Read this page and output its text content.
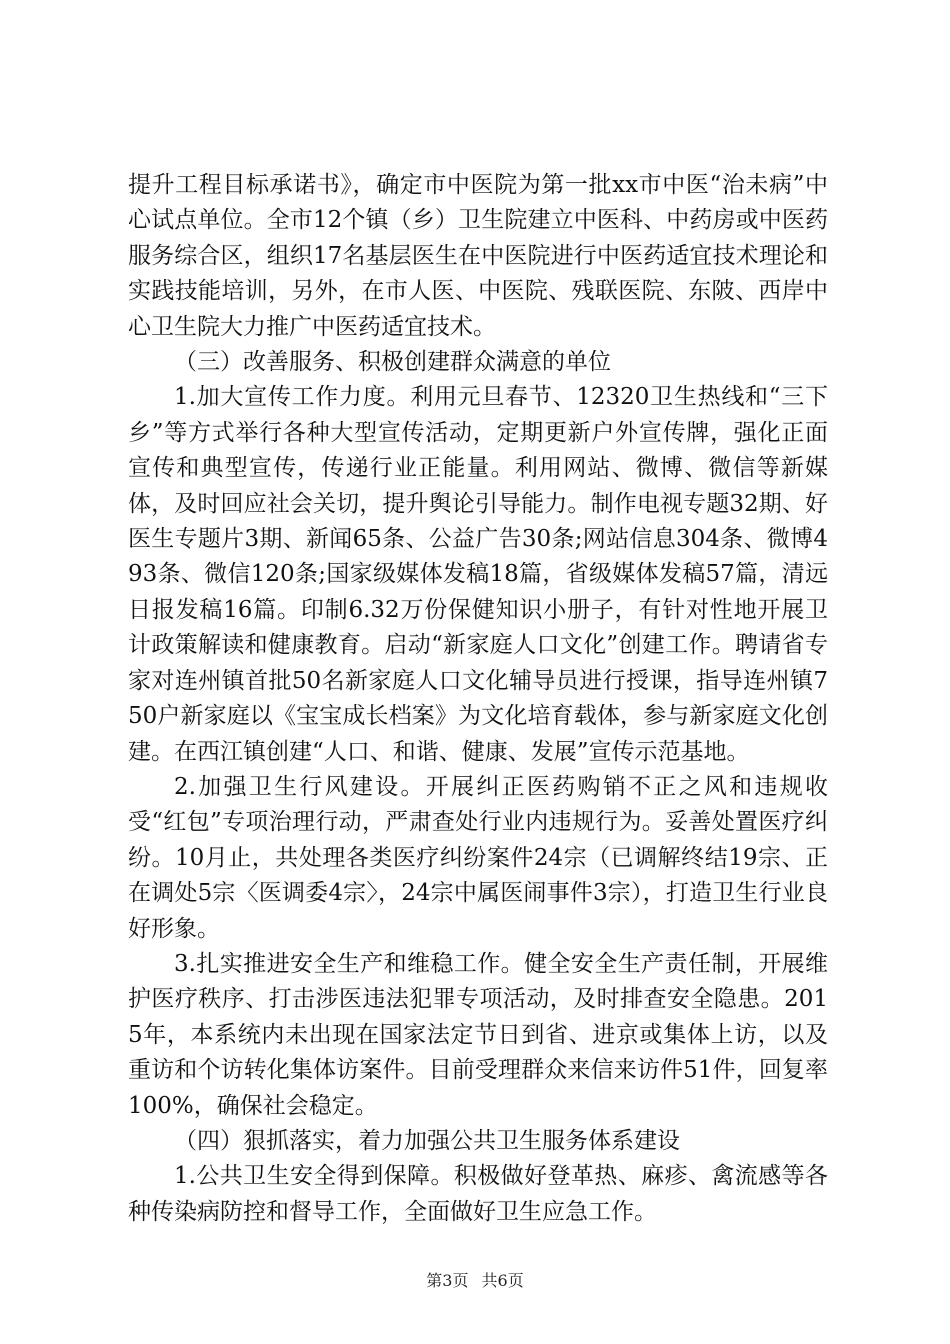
提升工程目标承诺书》，确定市中医院为第一批xx市中医“治未病”中心试点单位。全市12个镇（乡）卫生院建立中医科、中药房或中医药服务综合区，组织17名基层医生在中医院进行中医药适宜技术理论和实践技能培训，另外，在市人医、中医院、残联医院、东陂、西岸中心卫生院大力推广中医药适宜技术。

（三）改善服务、积极创建群众满意的单位

1.加大宣传工作力度。利用元旦春节、12320卫生热线和“三下乡”等方式举行各种大型宣传活动，定期更新户外宣传牌，强化正面宣传和典型宣传，传递行业正能量。利用网站、微博、微信等新媒体，及时回应社会关切，提升舆论引导能力。制作电视专题32期、好医生专题片3期、新闻65条、公益广告30条;网站信息304条、微博493条、微信120条;国家级媒体发稿18篇，省级媒体发稿57篇，清远日报发稿16篇。印制6.32万份保健知识小册子，有针对性地开展卫计政策解读和健康教育。启动“新家庭人口文化”创建工作。聘请省专家对连州镇首批50名新家庭人口文化辅导员进行授课，指导连州镇750户新家庭以《宝宝成长档案》为文化培育载体，参与新家庭文化创建。在西江镇创建“人口、和谐、健康、发展”宣传示范基地。

2.加强卫生行风建设。开展纠正医药购销不正之风和违规收受“红包”专项治理行动，严肃查处行业内违规行为。妥善处置医疗纠纷。10月止，共处理各类医疗纠纷案件24宗（已调解终结19宗、正在调处5宗〈医调委4宗〉，24宗中属医闹事件3宗），打造卫生行业良好形象。

3.扎实推进安全生产和维稳工作。健全安全生产责任制，开展维护医疗秩序、打击涉医违法犯罪专项活动，及时排查安全隐患。2015年，本系统内未出现在国家法定节日到省、进京或集体上访，以及重访和个访转化集体访案件。目前受理群众来信来访件51件，回复率100%，确保社会稳定。

（四）狠抓落实，着力加强公共卫生服务体系建设

1.公共卫生安全得到保障。积极做好登革热、麻疹、禽流感等各种传染病防控和督导工作，全面做好卫生应急工作。

第3页 共6页
